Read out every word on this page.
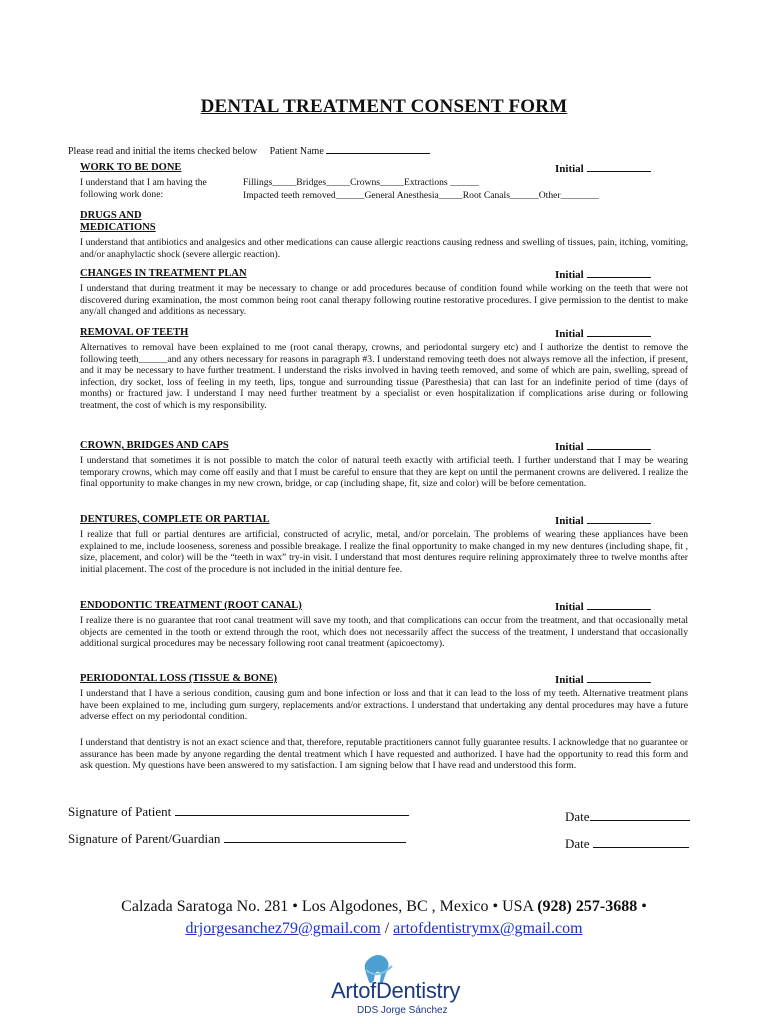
DENTAL TREATMENT CONSENT FORM
Please read and initial the items checked below Patient Name
WORK TO BE DONE	Initial
I understand that I am having the following work done:
Fillings_____Bridges_____Crowns_____Extractions ______
Impacted teeth removed______General Anesthesia_____Root Canals______Other________
DRUGS AND MEDICATIONS
I understand that antibiotics and analgesics and other medications can cause allergic reactions causing redness and swelling of tissues, pain, itching, vomiting, and/or anaphylactic shock (severe allergic reaction).
CHANGES IN TREATMENT PLAN	Initial
I understand that during treatment it may be necessary to change or add procedures because of condition found while working on the teeth that were not discovered during examination, the most common being root canal therapy following routine restorative procedures. I give permission to the dentist to make any/all changed and additions as necessary.
REMOVAL OF TEETH	Initial
Alternatives to removal have been explained to me (root canal therapy, crowns, and periodontal surgery etc) and I authorize the dentist to remove the following teeth______and any others necessary for reasons in paragraph #3. I understand removing teeth does not always remove all the infection, if present, and it may be necessary to have further treatment. I understand the risks involved in having teeth removed, and some of which are pain, swelling, spread of infection, dry socket, loss of feeling in my teeth, lips, tongue and surrounding tissue (Paresthesia) that can last for an indefinite period of time (days of months) or fractured jaw. I understand I may need further treatment by a specialist or even hospitalization if complications arise during or following treatment, the cost of which is my responsibility.
CROWN, BRIDGES AND CAPS	Initial
I understand that sometimes it is not possible to match the color of natural teeth exactly with artificial teeth. I further understand that I may be wearing temporary crowns, which may come off easily and that I must be careful to ensure that they are kept on until the permanent crowns are delivered. I realize the final opportunity to make changes in my new crown, bridge, or cap (including shape, fit, size and color) will be before cementation.
DENTURES, COMPLETE OR PARTIAL	Initial
I realize that full or partial dentures are artificial, constructed of acrylic, metal, and/or porcelain. The problems of wearing these appliances have been explained to me, include looseness, soreness and possible breakage. I realize the final opportunity to make changed in my new dentures (including shape, fit , size, placement, and color) will be the “teeth in wax” try-in visit. I understand that most dentures require relining approximately three to twelve months after initial placement. The cost of the procedure is not included in the initial denture fee.
ENDODONTIC TREATMENT (ROOT CANAL)	Initial
I realize there is no guarantee that root canal treatment will save my tooth, and that complications can occur from the treatment, and that occasionally metal objects are cemented in the tooth or extend through the root, which does not necessarily affect the success of the treatment, I understand that occasionally additional surgical procedures may be necessary following root canal treatment (apicoectomy).
PERIODONTAL LOSS (TISSUE & BONE)	Initial
I understand that I have a serious condition, causing gum and bone infection or loss and that it can lead to the loss of my teeth. Alternative treatment plans have been explained to me, including gum surgery, replacements and/or extractions. I understand that undertaking any dental procedures may have a future adverse effect on my periodontal condition.
I understand that dentistry is not an exact science and that, therefore, reputable practitioners cannot fully guarantee results. I acknowledge that no guarantee or assurance has been made by anyone regarding the dental treatment which I have requested and authorized. I have had the opportunity to read this form and ask question. My questions have been answered to my satisfaction. I am signing below that I have read and understood this form.
Signature of Patient
Signature of Parent/Guardian
Date
Date
Calzada Saratoga No. 281 • Los Algodones, BC , Mexico • USA (928) 257-3688 •
drjorgesanchez79@gmail.com / artofdentistrymx@gmail.com
ArtofDentistry
DDS Jorge Sánchez
